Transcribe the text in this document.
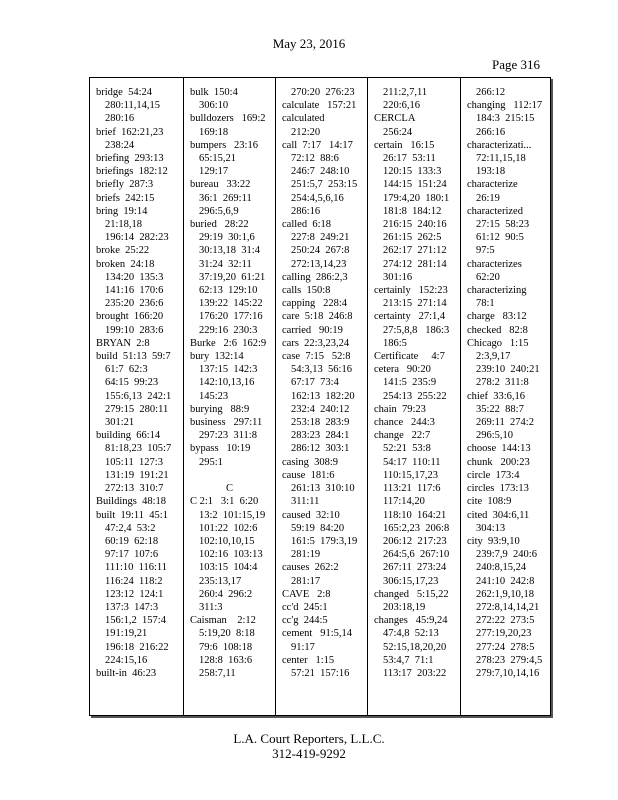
May 23, 2016
Page 316
bridge  54:24
280:11,14,15
280:16
brief  162:21,23
238:24
briefing  293:13
briefings  182:12
briefly  287:3
briefs  242:15
bring  19:14
21:18,18
196:14  282:23
broke  25:22
broken  24:18
134:20  135:3
141:16  170:6
235:20  236:6
brought  166:20
199:10  283:6
BRYAN  2:8
build  51:13  59:7
61:7  62:3
64:15  99:23
155:6,13  242:1
279:15  280:11
301:21
building  66:14
81:18,23  105:7
105:11  127:3
131:19  191:21
272:13  310:7
Buildings  48:18
built  19:11  45:1
47:2,4  53:2
60:19  62:18
97:17  107:6
111:10  116:11
116:24  118:2
123:12  124:1
137:3  147:3
156:1,2  157:4
191:19,21
196:18  216:22
224:15,16
built-in  46:23
bulk  150:4
306:10
bulldozers   169:2
169:18
bumpers   23:16
65:15,21
129:17
bureau   33:22
36:1  269:11
296:5,6,9
buried   28:22
29:19  30:1,6
30:13,18  31:4
31:24  32:11
37:19,20  61:21
62:13  129:10
139:22  145:22
176:20  177:16
229:16  230:3
Burke   2:6  162:9
bury  132:14
137:15  142:3
142:10,13,16
145:23
burying   88:9
business   297:11
297:23  311:8
bypass   10:19
295:1

C
C 2:1   3:1  6:20
13:2  101:15,19
101:22  102:6
102:10,10,15
102:16  103:13
103:15  104:4
235:13,17
260:4  296:2
311:3
Caisman    2:12
5:19,20  8:18
79:6  108:18
128:8  163:6
258:7,11
270:20  276:23
calculate   157:21
calculated
212:20
call  7:17   14:17
72:12  88:6
246:7  248:10
251:5,7  253:15
254:4,5,6,16
286:16
called  6:18
227:8  249:21
250:24  267:8
272:13,14,23
calling  286:2,3
calls  150:8
capping   228:4
care  5:18  246:8
carried   90:19
cars  22:3,23,24
case  7:15   52:8
54:3,13  56:16
67:17  73:4
162:13  182:20
232:4  240:12
253:18  283:9
283:23  284:1
286:12  303:1
casing  308:9
cause  181:6
261:13  310:10
311:11
caused  32:10
59:19  84:20
161:5  179:3,19
281:19
causes  262:2
281:17
CAVE   2:8
cc'd  245:1
cc'g  244:5
cement   91:5,14
91:17
center   1:15
57:21  157:16
211:2,7,11
220:6,16
CERCLA
256:24
certain   16:15
26:17  53:11
120:15  133:3
144:15  151:24
179:4,20  180:1
181:8  184:12
216:15  240:16
261:15  262:5
262:17  271:12
274:12  281:14
301:16
certainly   152:23
213:15  271:14
certainty   27:1,4
27:5,8,8   186:3
186:5
Certificate     4:7
cetera   90:20
141:5  235:9
254:13  255:22
chain  79:23
chance   244:3
change   22:7
52:21  53:8
54:17  110:11
110:15,17,23
113:21  117:6
117:14,20
118:10  164:21
165:2,23  206:8
206:12  217:23
264:5,6  267:10
267:11  273:24
306:15,17,23
changed   5:15,22
203:18,19
changes   45:9,24
47:4,8  52:13
52:15,18,20,20
53:4,7  71:1
113:17  203:22
266:12
changing   112:17
184:3  215:15
266:16
characterizati...
72:11,15,18
193:18
characterize
26:19
characterized
27:15  58:23
61:12  90:5
97:5
characterizes
62:20
characterizing
78:1
charge   83:12
checked   82:8
Chicago   1:15
2:3,9,17
239:10  240:21
278:2  311:8
chief  33:6,16
35:22  88:7
269:11  274:2
296:5,10
choose  144:13
chunk   200:23
circle  173:4
circles  173:13
cite  108:9
cited  304:6,11
304:13
city  93:9,10
239:7,9  240:6
240:8,15,24
241:10  242:8
262:1,9,10,18
272:8,14,14,21
272:22  273:5
277:19,20,23
277:24  278:5
278:23  279:4,5
279:7,10,14,16
L.A. Court Reporters, L.L.C.
312-419-9292
